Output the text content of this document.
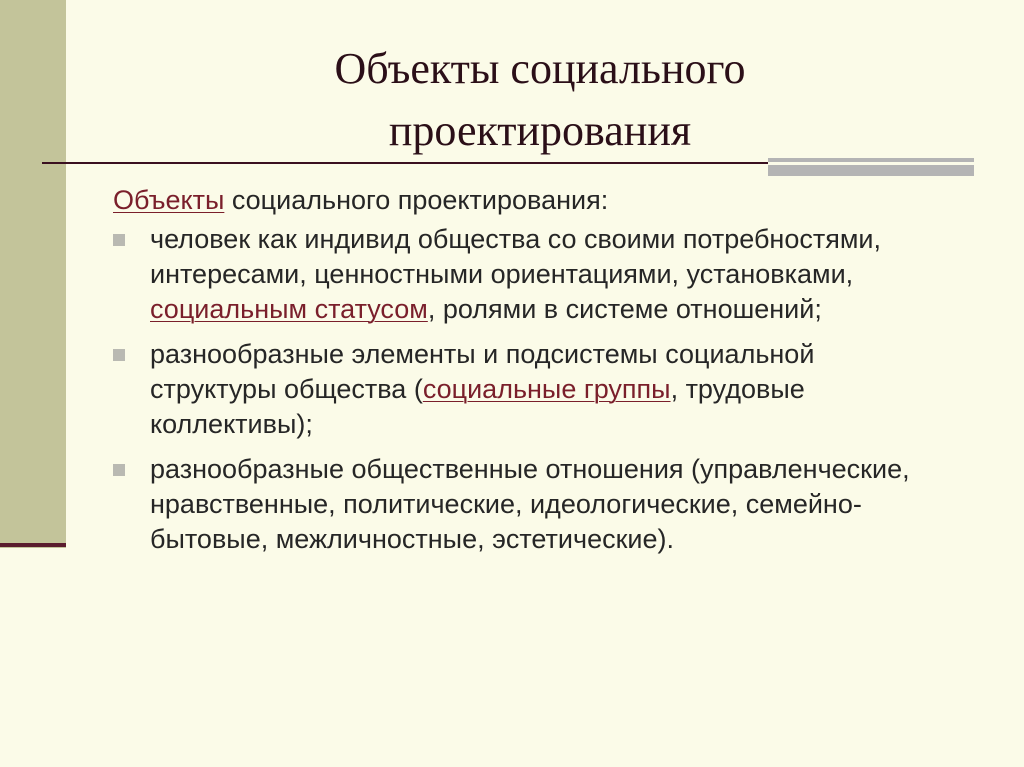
Объекты социального
проектирования

Объекты социального проектирования:

человек как индивид общества со своими потребностями, интересами, ценностными ориентациями, установками, социальным статусом, ролями в системе отношений;
разнообразные элементы и подсистемы социальной структуры общества (социальные группы, трудовые коллективы);
разнообразные общественные отношения (управленческие, нравственные, политические, идеологические, семейно-бытовые, межличностные, эстетические).
